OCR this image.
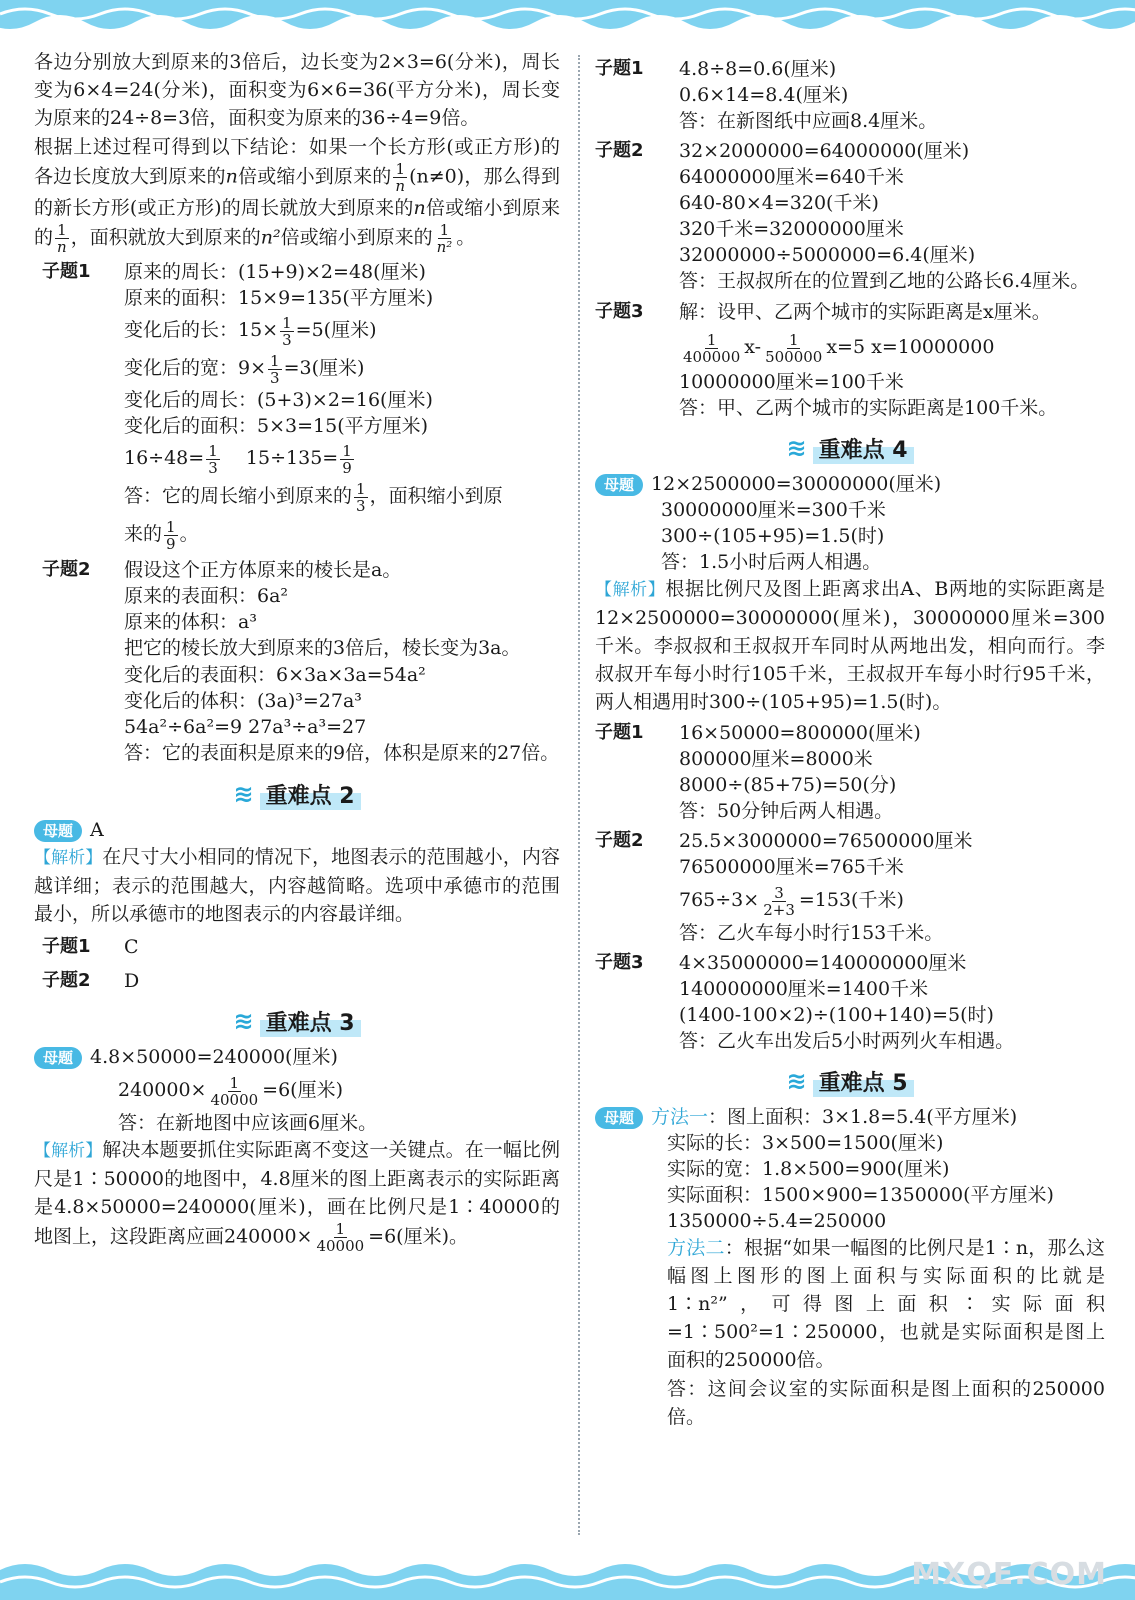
各边分别放大到原来的3倍后，边长变为2×3=6(分米)，周长变为6×4=24(分米)，面积变为6×6=36(平方分米)，周长变为原来的24÷8=3倍，面积变为原来的36÷4=9倍。

根据上述过程可得到以下结论：如果一个长方形(或正方形)的各边长度放大到原来的n倍或缩小到原来的 $\frac{1}{n} (n\ne 0)$，那么得到的新长方形(或正方形)的周长就放大到原来的n倍或缩小到原来的 $\frac{1}{n}$ ，面积就放大到原来的n²倍或缩小到原来的 $\frac{1}{\text{n²}}$ 。

子题1	原来的周长：(15+9)×2=48(厘米)

原来的面积：15×9=135(平方厘米)

变化后的长：$15\times \frac{1}{3} =5$(厘米)

变化后的宽：$9\times \frac{1}{3} =3$(厘米)

变化后的周长：(5+3)×2=16(厘米)

变化后的面积：5×3=15(平方厘米)

$16\div 48= \frac{1}{3} 15\div 135= \frac{1}{9}$

答：它的周长缩小到原来的 $\frac{1}{3}$ ，面积缩小到原

来的 $\frac{1}{9}$ 。

子题2	假设这个正方体原来的棱长是a。

原来的表面积：6a²

原来的体积：a³

把它的棱长放大到原来的3倍后，棱长变为3a。

变化后的表面积：6×3a×3a=54a²

变化后的体积：(3a)³=27a³

54a²÷6a²=9 27a³÷a³=27

答：它的表面积是原来的9倍，体积是原来的27倍。

≋ 重难点 2

母题 A

【解析】在尺寸大小相同的情况下，地图表示的范围越小，内容越详细；表示的范围越大，内容越简略。选项中承德市的范围最小，所以承德市的地图表示的内容最详细。

子题1	C

子题2	D

≋ 重难点 3

母题 4.8×50000=240000(厘米)

$240000\times \frac{1}{40000} =6$(厘米)

答：在新地图中应该画6厘米。

【解析】解决本题要抓住实际距离不变这一关键点。在一幅比例尺是1∶50000的地图中，4.8厘米的图上距离表示的实际距离是4.8×50000=240000(厘米)，画在比例尺是1∶40000的地图上，这段距离应画$240000\times \frac{1}{40000} =6$(厘米)。

子题1	4.8÷8=0.6(厘米)

0.6×14=8.4(厘米)

答：在新图纸中应画8.4厘米。

子题2	32×2000000=64000000(厘米)

64000000厘米=640千米

640-80×4=320(千米)

320千米=32000000厘米

32000000÷5000000=6.4(厘米)

答：王叔叔所在的位置到乙地的公路长6.4厘米。

子题3	解：设甲、乙两个城市的实际距离是x厘米。

$\frac{1}{400000} x- \frac{1}{500000} x=5$ x=10000000

10000000厘米=100千米

答：甲、乙两个城市的实际距离是100千米。

≋ 重难点 4

母题 12×2500000=30000000(厘米)

30000000厘米=300千米

300÷(105+95)=1.5(时)

答：1.5小时后两人相遇。

【解析】根据比例尺及图上距离求出A、B两地的实际距离是12×2500000=30000000(厘米)，30000000厘米=300千米。李叔叔和王叔叔开车同时从两地出发，相向而行。李叔叔开车每小时行105千米，王叔叔开车每小时行95千米，两人相遇用时300÷(105+95)=1.5(时)。

子题1	16×50000=800000(厘米)

800000厘米=8000米

8000÷(85+75)=50(分)

答：50分钟后两人相遇。

子题2	25.5×3000000=76500000厘米

76500000厘米=765千米

$765\div 3\times \frac{3}{2+3} =153$(千米)

答：乙火车每小时行153千米。

子题3	4×35000000=140000000厘米

140000000厘米=1400千米

(1400-100×2)÷(100+140)=5(时)

答：乙火车出发后5小时两列火车相遇。

≋ 重难点 5

母题 方法一：图上面积：3×1.8=5.4(平方厘米)

实际的长：3×500=1500(厘米)

实际的宽：1.8×500=900(厘米)

实际面积：1500×900=1350000(平方厘米)

1350000÷5.4=250000

方法二：根据“如果一幅图的比例尺是1∶n，那么这幅图上图形的图上面积与实际面积的比就是1∶n²”，可得图上面积∶实际面积=1∶500²=1∶250000，也就是实际面积是图上面积的250000倍。

答：这间会议室的实际面积是图上面积的250000倍。

MXQE.COM
